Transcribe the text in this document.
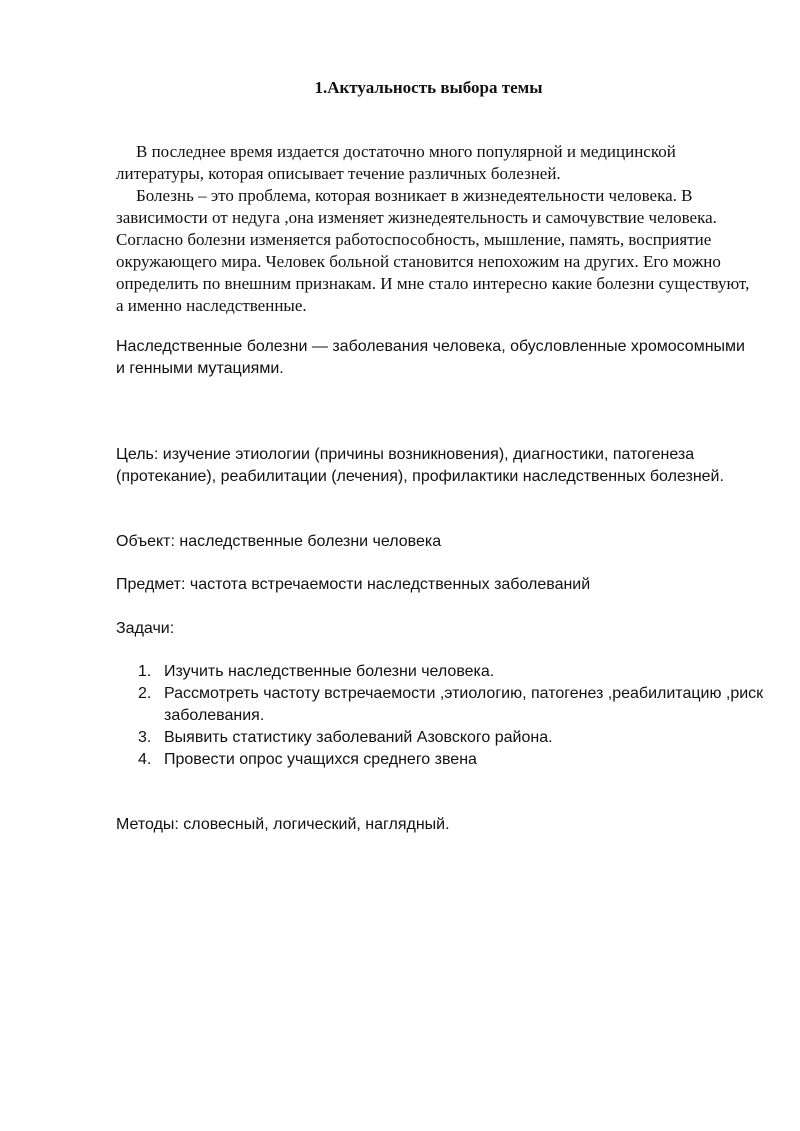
1.Актуальность выбора темы

В последнее время издается достаточно много популярной и медицинской литературы, которая описывает течение различных болезней.

Болезнь – это проблема, которая возникает в жизнедеятельности человека. В зависимости от недуга ,она изменяет жизнедеятельность и самочувствие человека. Согласно болезни изменяется работоспособность, мышление, память, восприятие окружающего мира. Человек больной становится непохожим на других. Его можно определить по внешним признакам. И мне стало интересно какие болезни существуют, а именно наследственные.

Наследственные болезни — заболевания человека, обусловленные хромосомными и генными мутациями.

Цель: изучение этиологии (причины возникновения), диагностики, патогенеза (протекание), реабилитации (лечения), профилактики наследственных болезней.

Объект: наследственные болезни человека

Предмет: частота встречаемости наследственных заболеваний

Задачи:

Изучить наследственные болезни человека.
Рассмотреть частоту встречаемости ,этиологию, патогенез ,реабилитацию ,риск заболевания.
Выявить статистику заболеваний Азовского района.
Провести опрос учащихся среднего звена

Методы: словесный, логический, наглядный.
